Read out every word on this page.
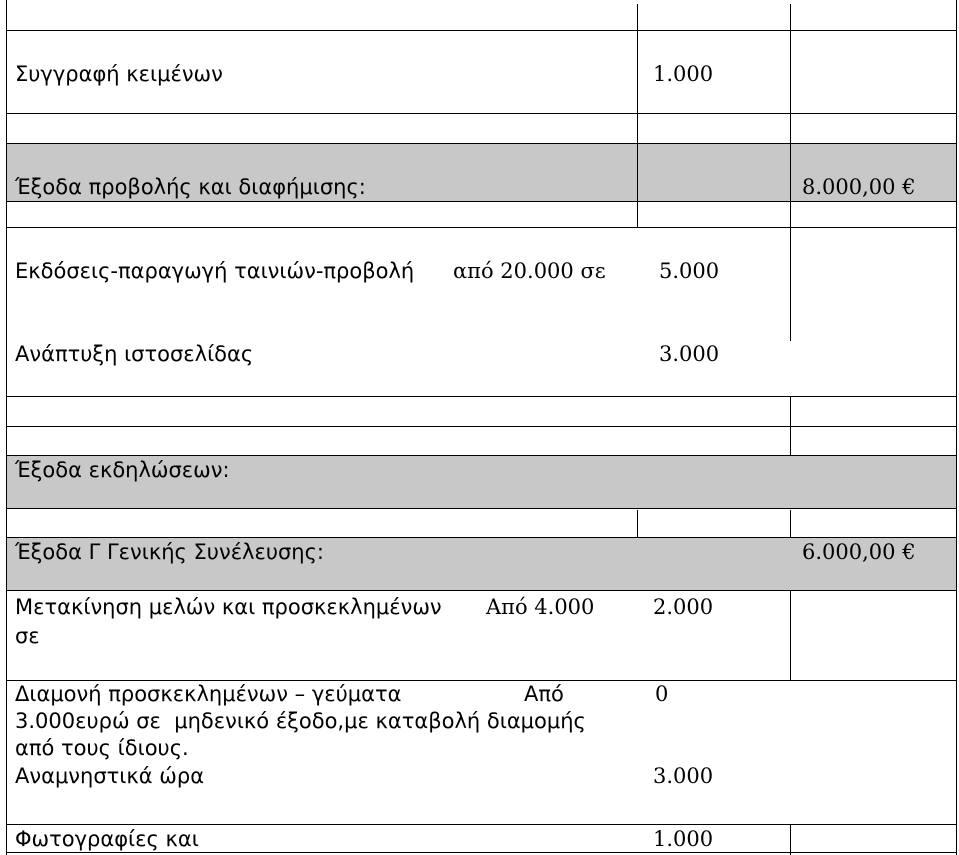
Συγγραφή κειμένων	1.000
Έξοδα προβολής και διαφήμισης:	8.000,00 €
Εκδόσεις-παραγωγή ταινιών-προβολή από 20.000 σε	5.000
Ανάπτυξη ιστοσελίδας	3.000
Έξοδα εκδηλώσεων:
Έξοδα Γ Γενικής Συνέλευσης:	6.000,00 €
Μετακίνηση μελών και προσκεκλημένων Από 4.000	2.000
σε
Διαμονή προσκεκλημένων – γεύματα	Από	0
3.000ευρώ σε  μηδενικό έξοδο,με καταβολή διαμομής
από τους ίδιους.
Αναμνηστικά ώρα	3.000
Φωτογραφίες και	1.000
